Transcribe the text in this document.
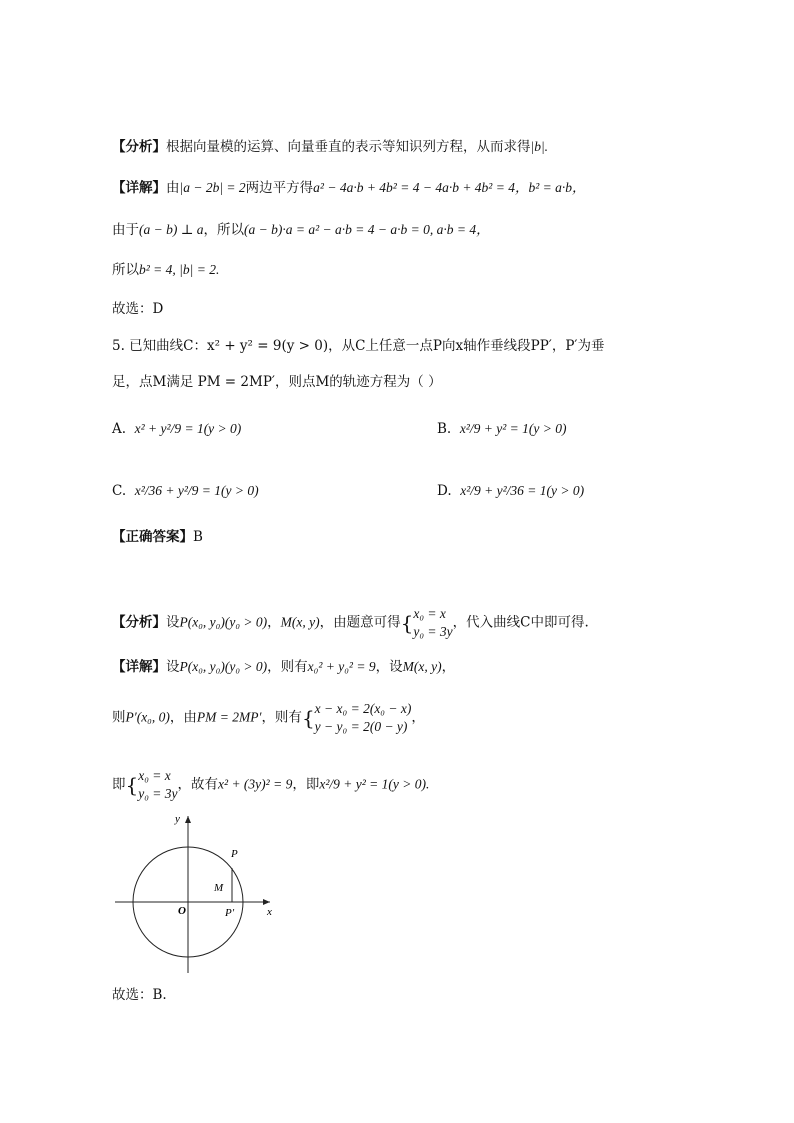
【分析】根据向量模的运算、向量垂直的表示等知识列方程，从而求得|b|.
【详解】由|a − 2b| = 2两边平方得a² − 4a·b + 4b² = 4 − 4a·b + 4b² = 4，b² = a·b，
由于(a − b) ⊥ a，所以(a − b)·a = a² − a·b = 4 − a·b = 0, a·b = 4，
所以b² = 4, |b| = 2.
故选：D
5. 已知曲线C：x² + y² = 9(y > 0)，从C上任意一点P向x轴作垂线段PP′，P′为垂
足，点M满足 PM = 2MP′，则点M的轨迹方程为（ ）
A. x² + y²/9 = 1(y > 0)	B. x²/9 + y² = 1(y > 0)
C. x²/36 + y²/9 = 1(y > 0)	D. x²/9 + y²/36 = 1(y > 0)
【正确答案】B
【分析】设P(x₀, y₀)(y₀ > 0)，M(x, y)，由题意可得{ x₀ = x
y₀ = 3y
，代入曲线C中即可得.
【详解】设P(x₀, y₀)(y₀ > 0)，则有x₀² + y₀² = 9，设M(x, y)，
则P′(x₀, 0)，由PM = 2MP′，则有{ x − x₀ = 2(x₀ − x)
y − y₀ = 2(0 − y)
，
即{ x₀ = x
y₀ = 3y
，故有x² + (3y)² = 9，即x²/9 + y² = 1(y > 0).
y
x
O
P
M
P′
故选：B.
